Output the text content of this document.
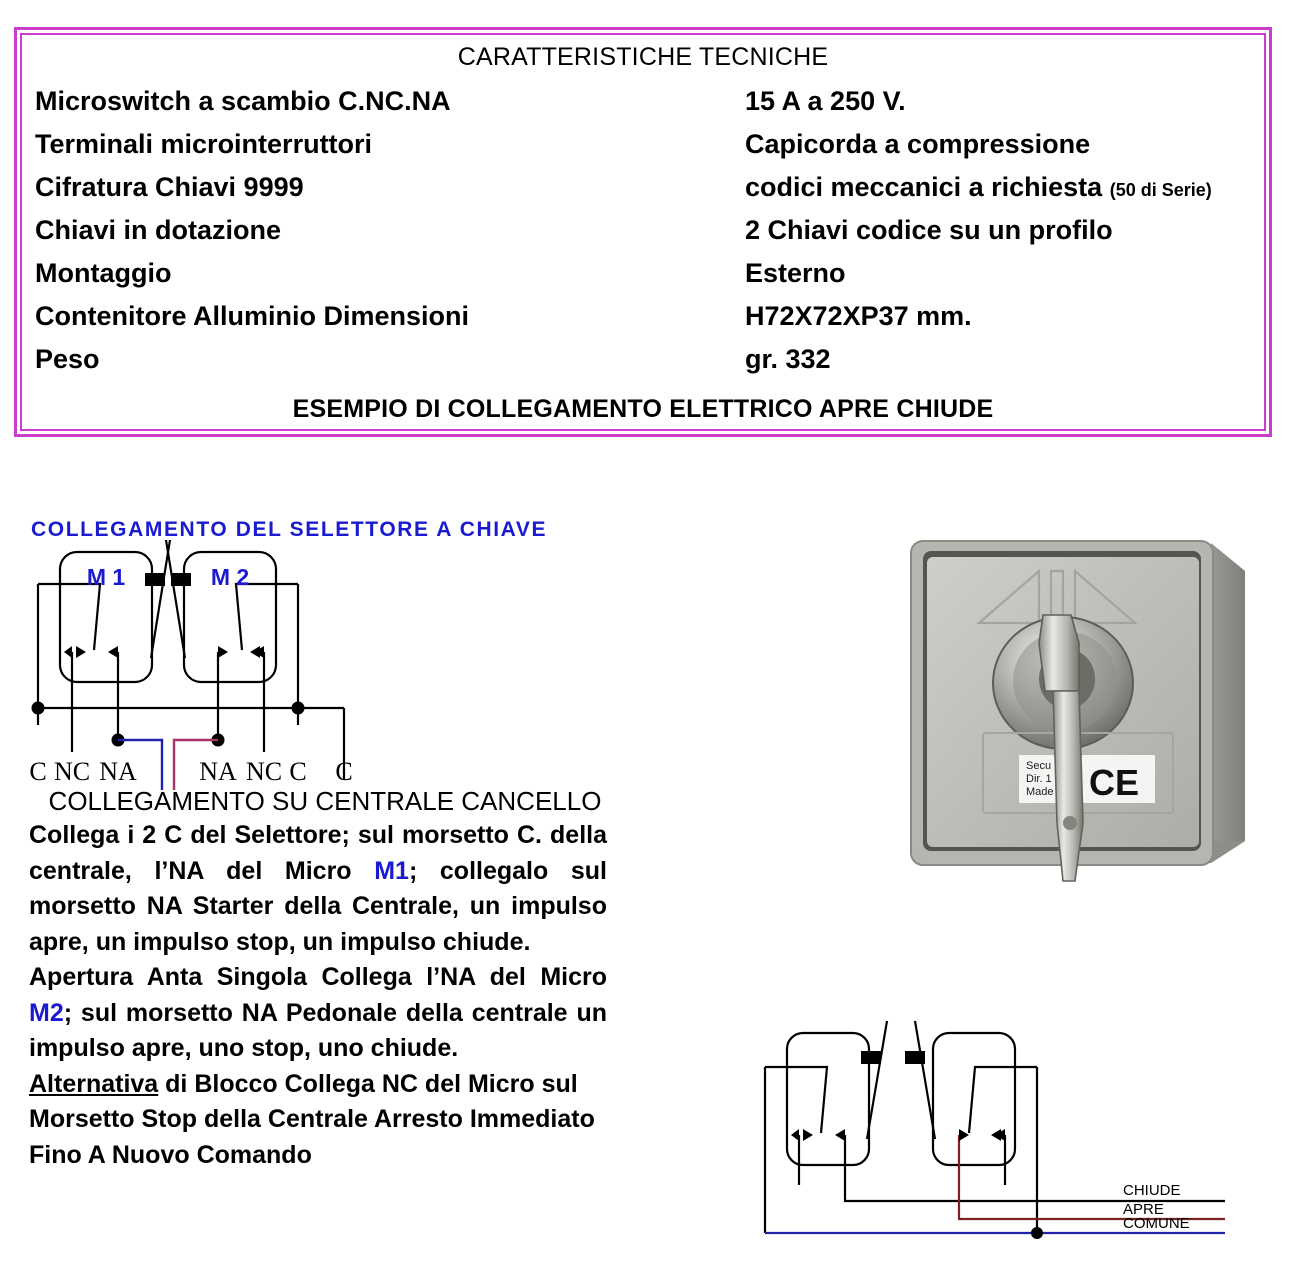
CARATTERISTICHE TECNICHE
Microswitch a scambio C.NC.NA	15 A a 250 V.
Terminali microinterruttori	Capicorda a compressione
Cifratura Chiavi 9999	codici meccanici a richiesta (50 di Serie)
Chiavi in dotazione	2 Chiavi codice su un profilo
Montaggio	Esterno
Contenitore Alluminio Dimensioni	H72X72XP37 mm.
Peso	gr. 332
ESEMPIO DI COLLEGAMENTO ELETTRICO APRE CHIUDE
COLLEGAMENTO DEL SELETTORE A CHIAVE
M 1	M 2
C NC NA NA NC C C
COLLEGAMENTO SU CENTRALE CANCELLO

Collega i 2 C del Selettore; sul morsetto C. della centrale, l’NA del Micro M1; collegalo sul morsetto NA Starter della Centrale, un impulso apre, un impulso stop, un impulso chiude.

Apertura Anta Singola Collega l’NA del Micro M2; sul morsetto NA Pedonale della centrale un impulso apre, uno stop, uno chiude.

Alternativa di Blocco Collega NC del Micro sul Morsetto Stop della Centrale Arresto Immediato Fino A Nuovo Comando

Secu
Dir. 1
Made CE
CHIUDE
APRE
COMUNE
